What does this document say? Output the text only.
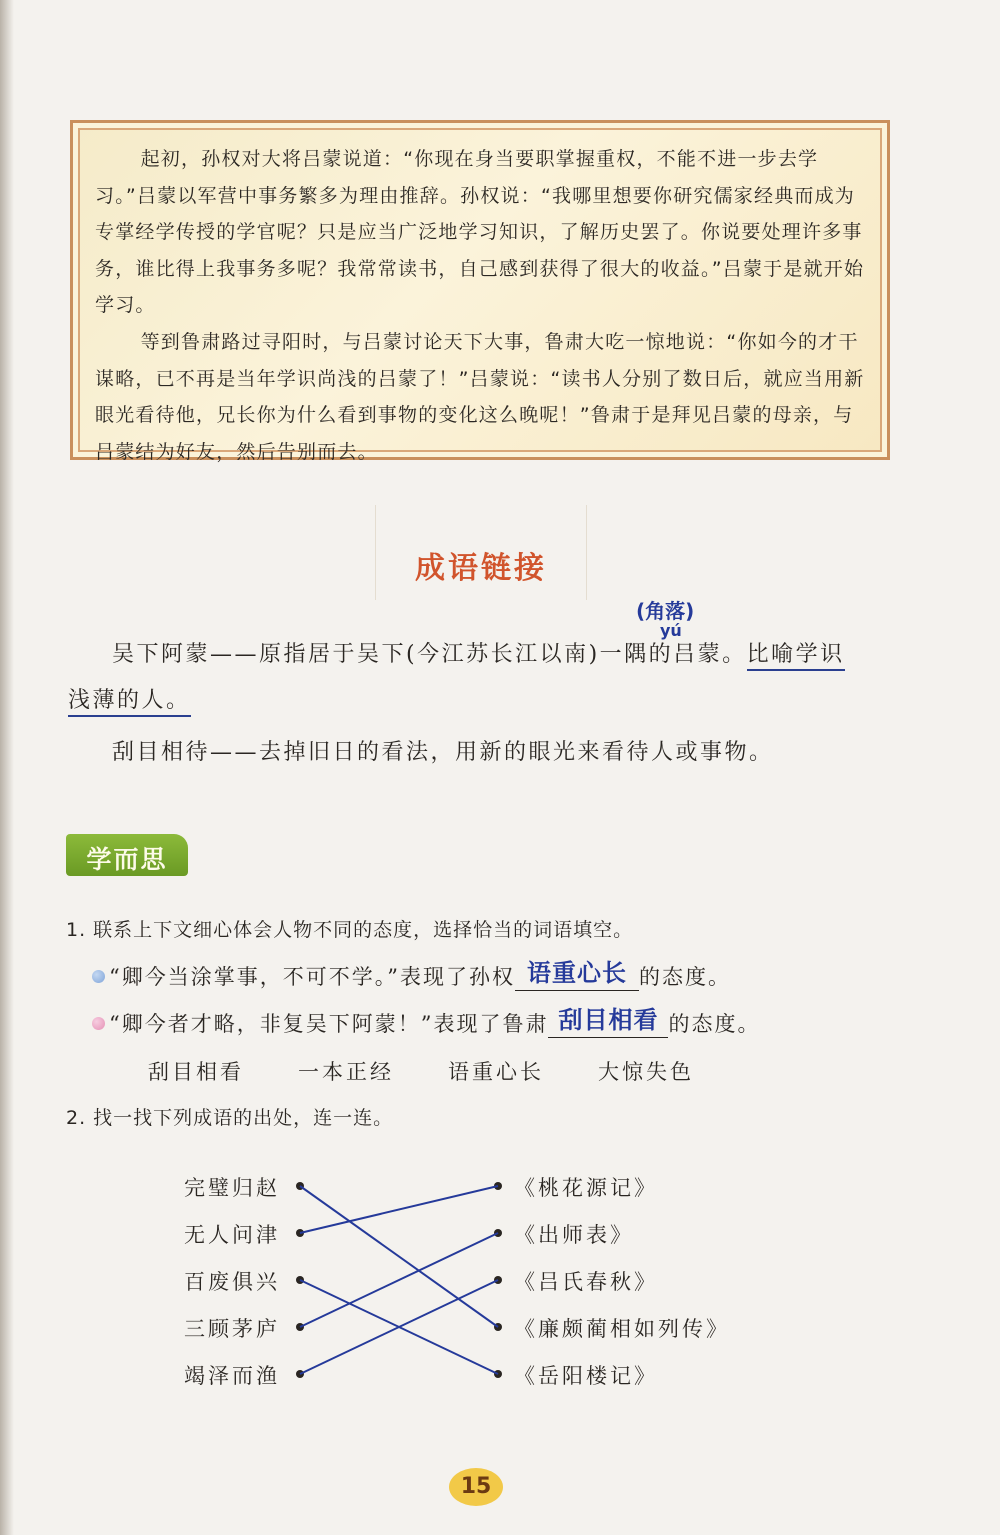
起初，孙权对大将吕蒙说道：“你现在身当要职掌握重权，不能不进一步去学习。”吕蒙以军营中事务繁多为理由推辞。孙权说：“我哪里想要你研究儒家经典而成为专掌经学传授的学官呢？只是应当广泛地学习知识，了解历史罢了。你说要处理许多事务，谁比得上我事务多呢？我常常读书，自己感到获得了很大的收益。”吕蒙于是就开始学习。
等到鲁肃路过寻阳时，与吕蒙讨论天下大事，鲁肃大吃一惊地说：“你如今的才干谋略，已不再是当年学识尚浅的吕蒙了！”吕蒙说：“读书人分别了数日后，就应当用新眼光看待他，兄长你为什么看到事物的变化这么晚呢！”鲁肃于是拜见吕蒙的母亲，与吕蒙结为好友，然后告别而去。
成语链接
(角落)
yú
吴下阿蒙——原指居于吴下(今江苏长江以南)一隅的吕蒙。比喻学识
浅薄的人。
刮目相待——去掉旧日的看法，用新的眼光来看待人或事物。
学而思
1. 联系上下文细心体会人物不同的态度，选择恰当的词语填空。
“卿今当涂掌事，不可不学。”表现了孙权 语重心长 的态度。
“卿今者才略，非复吴下阿蒙！”表现了鲁肃 刮目相看 的态度。
刮目相看	一本正经	语重心长	大惊失色
2. 找一找下列成语的出处，连一连。
完璧归赵
无人问津
百废俱兴
三顾茅庐
竭泽而渔
《桃花源记》
《出师表》
《吕氏春秋》
《廉颇蔺相如列传》
《岳阳楼记》
15
